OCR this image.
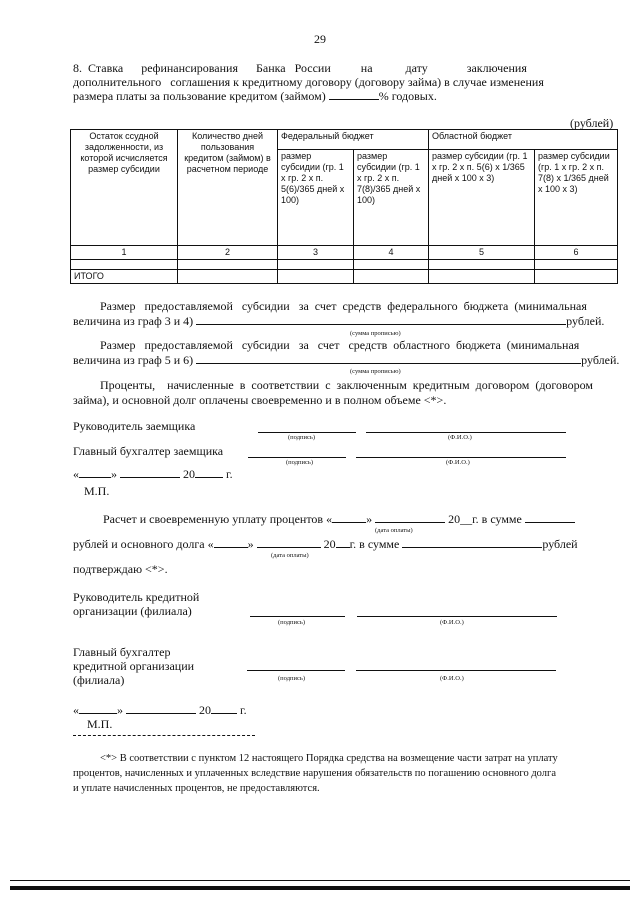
29
8.  Ставка      рефинансирования      Банка   России          на           дату             заключения
дополнительного   соглашения к кредитному договору (договору займа) в случае изменения
размера платы за пользование кредитом (займом)	% годовых.
(рублей)
Остаток ссудной задолженности, из которой исчисляется размер субсидии	Количество дней пользования кредитом (займом) в расчетном периоде	Федеральный бюджет		Областной бюджет	
		размер субсидии (гр. 1 х гр. 2 х п. 5(6)/365 дней х 100)	размер субсидии (гр. 1 х гр. 2 х п. 7(8)/365 дней х 100)	размер субсидии (гр. 1 х гр. 2 х п. 5(6) х 1/365 дней х 100 х 3)	размер субсидии (гр. 1 х гр. 2 х п. 7(8) х 1/365 дней х 100 х 3)
1	2	3	4	5	6

ИТОГО					
Размер   предоставляемой   субсидии   за  счет  средств  федерального  бюджета  (минимальная
величина из граф 3 и 4)	рублей.
(сумма прописью)
Размер   предоставляемой   субсидии   за   счет   средств  областного  бюджета  (минимальная
величина из граф 5 и 6)	рублей.
(сумма прописью)
Проценты,    начисленные  в  соответствии  с  заключенным  кредитным  договором  (договором
займа), и основной долг оплачены своевременно и в полном объеме <*>.
Руководитель заемщика
(подпись)	(Ф.И.О.)
Главный бухгалтер заемщика
(подпись)	(Ф.И.О.)
«	»	20	г.
М.П.
Расчет и своевременную уплату процентов «	»	20__г. в сумме
(дата оплаты)
рублей и основного долга «	»	20 г. в сумме	рублей
(дата оплаты)
подтверждаю <*>.
Руководитель кредитной
организации (филиала)
(подпись)	(Ф.И.О.)
Главный бухгалтер
кредитной организации
(филиала)	(подпись)	(Ф.И.О.)
«	»	20 г.
М.П.
<*> В соответствии с пунктом 12 настоящего Порядка средства на возмещение части затрат на уплату
процентов, начисленных и уплаченных вследствие нарушения обязательств по погашению основного долга
и уплате начисленных процентов, не предоставляются.
